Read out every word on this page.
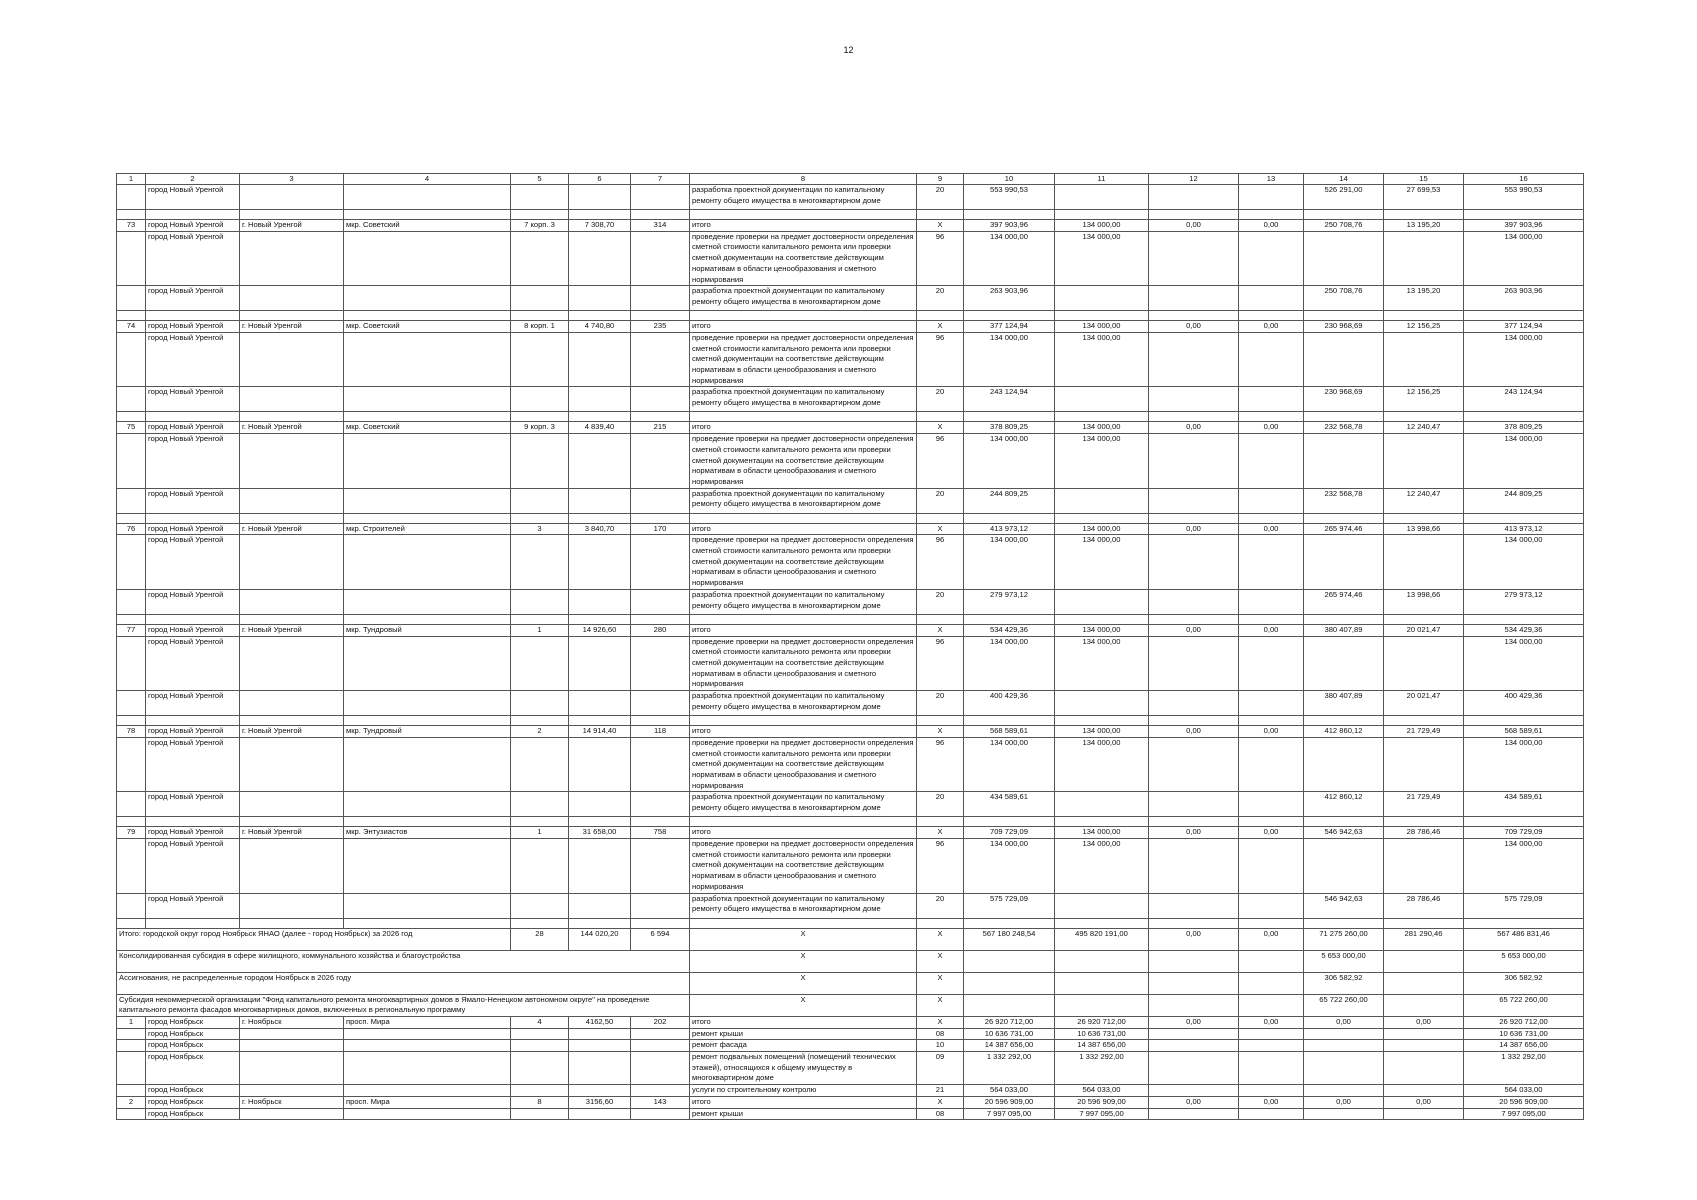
12
1	2	3	4	5	6	7	8	9	10	11	12	13	14	15	16
	город Новый Уренгой						разработка проектной документации по капитальному ремонту общего имущества в многоквартирном доме	20	553 990,53				526 291,00	27 699,53	553 990,53

73	город Новый Уренгой	г. Новый Уренгой	мкр. Советский	7 корп. 3	7 308,70	314	итого	X	397 903,96	134 000,00	0,00	0,00	250 708,76	13 195,20	397 903,96
	город Новый Уренгой						проведение проверки на предмет достоверности определения сметной стоимости капитального ремонта или проверки сметной документации на соответствие действующим нормативам в области ценообразования и сметного нормирования	96	134 000,00	134 000,00					134 000,00
	город Новый Уренгой						разработка проектной документации по капитальному ремонту общего имущества в многоквартирном доме	20	263 903,96				250 708,76	13 195,20	263 903,96

74	город Новый Уренгой	г. Новый Уренгой	мкр. Советский	8 корп. 1	4 740,80	235	итого	X	377 124,94	134 000,00	0,00	0,00	230 968,69	12 156,25	377 124,94
	город Новый Уренгой						проведение проверки на предмет достоверности определения сметной стоимости капитального ремонта или проверки сметной документации на соответствие действующим нормативам в области ценообразования и сметного нормирования	96	134 000,00	134 000,00					134 000,00
	город Новый Уренгой						разработка проектной документации по капитальному ремонту общего имущества в многоквартирном доме	20	243 124,94				230 968,69	12 156,25	243 124,94

75	город Новый Уренгой	г. Новый Уренгой	мкр. Советский	9 корп. 3	4 839,40	215	итого	X	378 809,25	134 000,00	0,00	0,00	232 568,78	12 240,47	378 809,25
	город Новый Уренгой						проведение проверки на предмет достоверности определения сметной стоимости капитального ремонта или проверки сметной документации на соответствие действующим нормативам в области ценообразования и сметного нормирования	96	134 000,00	134 000,00					134 000,00
	город Новый Уренгой						разработка проектной документации по капитальному ремонту общего имущества в многоквартирном доме	20	244 809,25				232 568,78	12 240,47	244 809,25

76	город Новый Уренгой	г. Новый Уренгой	мкр. Строителей	3	3 840,70	170	итого	X	413 973,12	134 000,00	0,00	0,00	265 974,46	13 998,66	413 973,12
	город Новый Уренгой						проведение проверки на предмет достоверности определения сметной стоимости капитального ремонта или проверки сметной документации на соответствие действующим нормативам в области ценообразования и сметного нормирования	96	134 000,00	134 000,00					134 000,00
	город Новый Уренгой						разработка проектной документации по капитальному ремонту общего имущества в многоквартирном доме	20	279 973,12				265 974,46	13 998,66	279 973,12

77	город Новый Уренгой	г. Новый Уренгой	мкр. Тундровый	1	14 926,60	280	итого	X	534 429,36	134 000,00	0,00	0,00	380 407,89	20 021,47	534 429,36
	город Новый Уренгой						проведение проверки на предмет достоверности определения сметной стоимости капитального ремонта или проверки сметной документации на соответствие действующим нормативам в области ценообразования и сметного нормирования	96	134 000,00	134 000,00					134 000,00
	город Новый Уренгой						разработка проектной документации по капитальному ремонту общего имущества в многоквартирном доме	20	400 429,36				380 407,89	20 021,47	400 429,36

78	город Новый Уренгой	г. Новый Уренгой	мкр. Тундровый	2	14 914,40	118	итого	X	568 589,61	134 000,00	0,00	0,00	412 860,12	21 729,49	568 589,61
	город Новый Уренгой						проведение проверки на предмет достоверности определения сметной стоимости капитального ремонта или проверки сметной документации на соответствие действующим нормативам в области ценообразования и сметного нормирования	96	134 000,00	134 000,00					134 000,00
	город Новый Уренгой						разработка проектной документации по капитальному ремонту общего имущества в многоквартирном доме	20	434 589,61				412 860,12	21 729,49	434 589,61

79	город Новый Уренгой	г. Новый Уренгой	мкр. Энтузиастов	1	31 658,00	758	итого	X	709 729,09	134 000,00	0,00	0,00	546 942,63	28 786,46	709 729,09
	город Новый Уренгой						проведение проверки на предмет достоверности определения сметной стоимости капитального ремонта или проверки сметной документации на соответствие действующим нормативам в области ценообразования и сметного нормирования	96	134 000,00	134 000,00					134 000,00
	город Новый Уренгой						разработка проектной документации по капитальному ремонту общего имущества в многоквартирном доме	20	575 729,09				546 942,63	28 786,46	575 729,09

Итого: городской округ город Ноябрьск ЯНАО (далее - город Ноябрьск) за 2026 год				28	144 020,20	6 594	X	X	567 180 248,54	495 820 191,00	0,00	0,00	71 275 260,00	281 290,46	567 486 831,46
Консолидированная субсидия в сфере жилищного, коммунального хозяйства и благоустройства							X	X					5 653 000,00		5 653 000,00
Ассигнования, не распределенные городом Ноябрьск в 2026 году							X	X					306 582,92		306 582,92
Субсидия некоммерческой организации "Фонд капитального ремонта многоквартирных домов в Ямало-Ненецком автономном округе" на проведение капитального ремонта фасадов многоквартирных домов, включенных в региональную программу							X	X					65 722 260,00		65 722 260,00
1	город Ноябрьск	г. Ноябрьск	просп. Мира	4	4162,50	202	итого	X	26 920 712,00	26 920 712,00	0,00	0,00	0,00	0,00	26 920 712,00
	город Ноябрьск						ремонт крыши	08	10 636 731,00	10 636 731,00					10 636 731,00
	город Ноябрьск						ремонт фасада	10	14 387 656,00	14 387 656,00					14 387 656,00
	город Ноябрьск						ремонт подвальных помещений (помещений технических этажей), относящихся к общему имуществу в многоквартирном доме	09	1 332 292,00	1 332 292,00					1 332 292,00
	город Ноябрьск						услуги по строительному контролю	21	564 033,00	564 033,00					564 033,00
2	город Ноябрьск	г. Ноябрьск	просп. Мира	8	3156,60	143	итого	X	20 596 909,00	20 596 909,00	0,00	0,00	0,00	0,00	20 596 909,00
	город Ноябрьск						ремонт крыши	08	7 997 095,00	7 997 095,00					7 997 095,00
